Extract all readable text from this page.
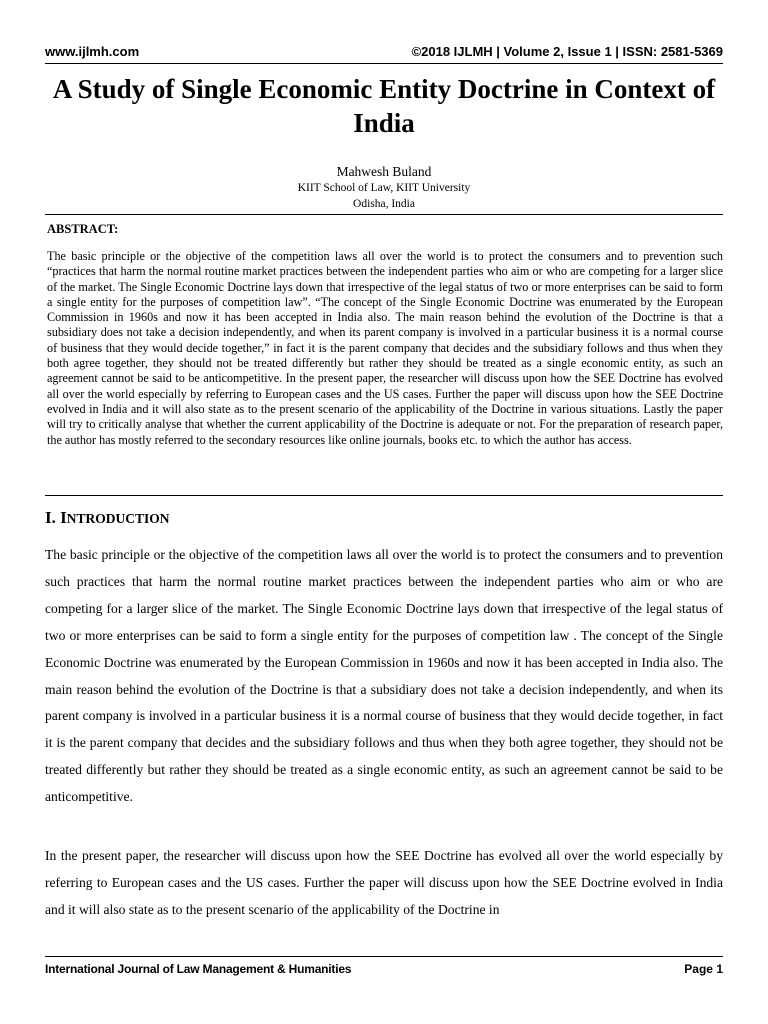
www.ijlmh.com	©2018 IJLMH | Volume 2, Issue 1 | ISSN: 2581-5369
A Study of Single Economic Entity Doctrine in Context of India
Mahwesh Buland
KIIT School of Law, KIIT University
Odisha, India
ABSTRACT:

The basic principle or the objective of the competition laws all over the world is to protect the consumers and to prevention such “practices that harm the normal routine market practices between the independent parties who aim or who are competing for a larger slice of the market. The Single Economic Doctrine lays down that irrespective of the legal status of two or more enterprises can be said to form a single entity for the purposes of competition law”. “The concept of the Single Economic Doctrine was enumerated by the European Commission in 1960s and now it has been accepted in India also. The main reason behind the evolution of the Doctrine is that a subsidiary does not take a decision independently, and when its parent company is involved in a particular business it is a normal course of business that they would decide together,” in fact it is the parent company that decides and the subsidiary follows and thus when they both agree together, they should not be treated differently but rather they should be treated as a single economic entity, as such an agreement cannot be said to be anticompetitive. In the present paper, the researcher will discuss upon how the SEE Doctrine has evolved all over the world especially by referring to European cases and the US cases. Further the paper will discuss upon how the SEE Doctrine evolved in India and it will also state as to the present scenario of the applicability of the Doctrine in various situations. Lastly the paper will try to critically analyse that whether the current applicability of the Doctrine is adequate or not. For the preparation of research paper, the author has mostly referred to the secondary resources like online journals, books etc. to which the author has access.

I. INTRODUCTION

The basic principle or the objective of the competition laws all over the world is to protect the consumers and to prevention such practices that harm the normal routine market practices between the independent parties who aim or who are competing for a larger slice of the market. The Single Economic Doctrine lays down that irrespective of the legal status of two or more enterprises can be said to form a single entity for the purposes of competition law . The concept of the Single Economic Doctrine was enumerated by the European Commission in 1960s and now it has been accepted in India also. The main reason behind the evolution of the Doctrine is that a subsidiary does not take a decision independently, and when its parent company is involved in a particular business it is a normal course of business that they would decide together, in fact it is the parent company that decides and the subsidiary follows and thus when they both agree together, they should not be treated differently but rather they should be treated as a single economic entity, as such an agreement cannot be said to be anticompetitive.

In the present paper, the researcher will discuss upon how the SEE Doctrine has evolved all over the world especially by referring to European cases and the US cases. Further the paper will discuss upon how the SEE Doctrine evolved in India and it will also state as to the present scenario of the applicability of the Doctrine in

International Journal of Law Management & Humanities	Page 1
